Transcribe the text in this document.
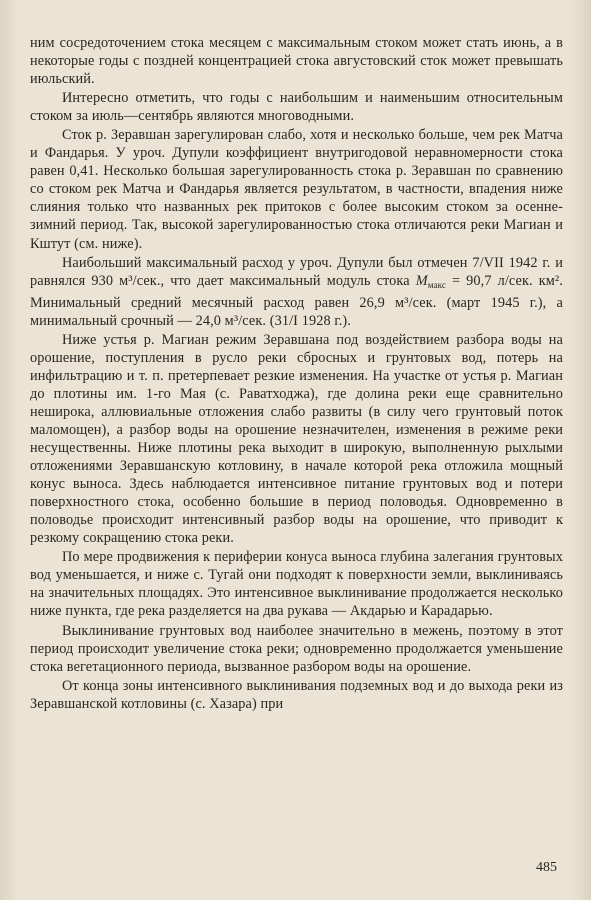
ним сосредоточением стока месяцем с максимальным стоком может стать июнь, а в некоторые годы с поздней концентрацией стока августовский сток может превышать июльский.

Интересно отметить, что годы с наибольшим и наименьшим относительным стоком за июль—сентябрь являются многоводными.

Сток р. Зеравшан зарегулирован слабо, хотя и несколько больше, чем рек Матча и Фандарья. У уроч. Дупули коэффициент внутригодовой неравномерности стока равен 0,41. Несколько большая зарегулированность стока р. Зеравшан по сравнению со стоком рек Матча и Фандарья является результатом, в частности, впадения ниже слияния только что названных рек притоков с более высоким стоком за осенне-зимний период. Так, высокой зарегулированностью стока отличаются реки Магиан и Кштут (см. ниже).

Наибольший максимальный расход у уроч. Дупули был отмечен 7/VII 1942 г. и равнялся 930 м³/сек., что дает максимальный модуль стока $M_{макс} = 90,7$ л/сек. км². Минимальный средний месячный расход равен 26,9 м³/сек. (март 1945 г.), а минимальный срочный — 24,0 м³/сек. (31/I 1928 г.).

Ниже устья р. Магиан режим Зеравшана под воздействием разбора воды на орошение, поступления в русло реки сбросных и грунтовых вод, потерь на инфильтрацию и т. п. претерпевает резкие изменения. На участке от устья р. Магиан до плотины им. 1-го Мая (с. Раватходжа), где долина реки еще сравнительно неширока, аллювиальные отложения слабо развиты (в силу чего грунтовый поток маломощен), а разбор воды на орошение незначителен, изменения в режиме реки несущественны. Ниже плотины река выходит в широкую, выполненную рыхлыми отложениями Зеравшанскую котловину, в начале которой река отложила мощный конус выноса. Здесь наблюдается интенсивное питание грунтовых вод и потери поверхностного стока, особенно большие в период половодья. Одновременно в половодье происходит интенсивный разбор воды на орошение, что приводит к резкому сокращению стока реки.

По мере продвижения к периферии конуса выноса глубина залегания грунтовых вод уменьшается, и ниже с. Тугай они подходят к поверхности земли, выклиниваясь на значительных площадях. Это интенсивное выклинивание продолжается несколько ниже пункта, где река разделяется на два рукава — Акдарью и Карадарью.

Выклинивание грунтовых вод наиболее значительно в межень, поэтому в этот период происходит увеличение стока реки; одновременно продолжается уменьшение стока вегетационного периода, вызванное разбором воды на орошение.

От конца зоны интенсивного выклинивания подземных вод и до выхода реки из Зеравшанской котловины (с. Хазара) при

485
